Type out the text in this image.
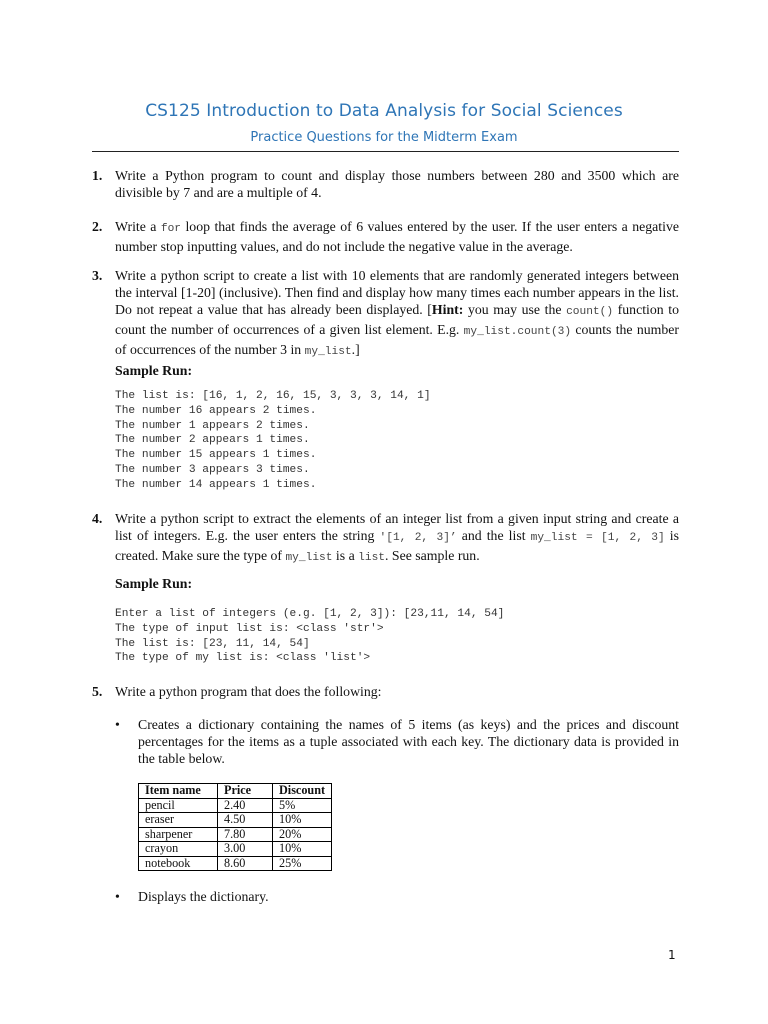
CS125 Introduction to Data Analysis for Social Sciences
Practice Questions for the Midterm Exam
1. Write a Python program to count and display those numbers between 280 and 3500 which are divisible by 7 and are a multiple of 4.
2. Write a for loop that finds the average of 6 values entered by the user. If the user enters a negative number stop inputting values, and do not include the negative value in the average.
3. Write a python script to create a list with 10 elements that are randomly generated integers between the interval [1-20] (inclusive). Then find and display how many times each number appears in the list. Do not repeat a value that has already been displayed. [Hint: you may use the count() function to count the number of occurrences of a given list element. E.g. my_list.count(3) counts the number of occurrences of the number 3 in my_list.]
Sample Run:
The list is: [16, 1, 2, 16, 15, 3, 3, 3, 14, 1]
The number 16 appears 2 times.
The number 1 appears 2 times.
The number 2 appears 1 times.
The number 15 appears 1 times.
The number 3 appears 3 times.
The number 14 appears 1 times.
4. Write a python script to extract the elements of an integer list from a given input string and create a list of integers. E.g. the user enters the string '[1, 2, 3]’ and the list my_list = [1, 2, 3] is created. Make sure the type of my_list is a list. See sample run.
Sample Run:
Enter a list of integers (e.g. [1, 2, 3]): [23,11, 14, 54]
The type of input list is: <class 'str'>
The list is: [23, 11, 14, 54]
The type of my list is: <class 'list'>
5. Write a python program that does the following:
• Creates a dictionary containing the names of 5 items (as keys) and the prices and discount percentages for the items as a tuple associated with each key. The dictionary data is provided in the table below.
Item name	Price	Discount
pencil	2.40	5%
eraser	4.50	10%
sharpener	7.80	20%
crayon	3.00	10%
notebook	8.60	25%
• Displays the dictionary.
1
